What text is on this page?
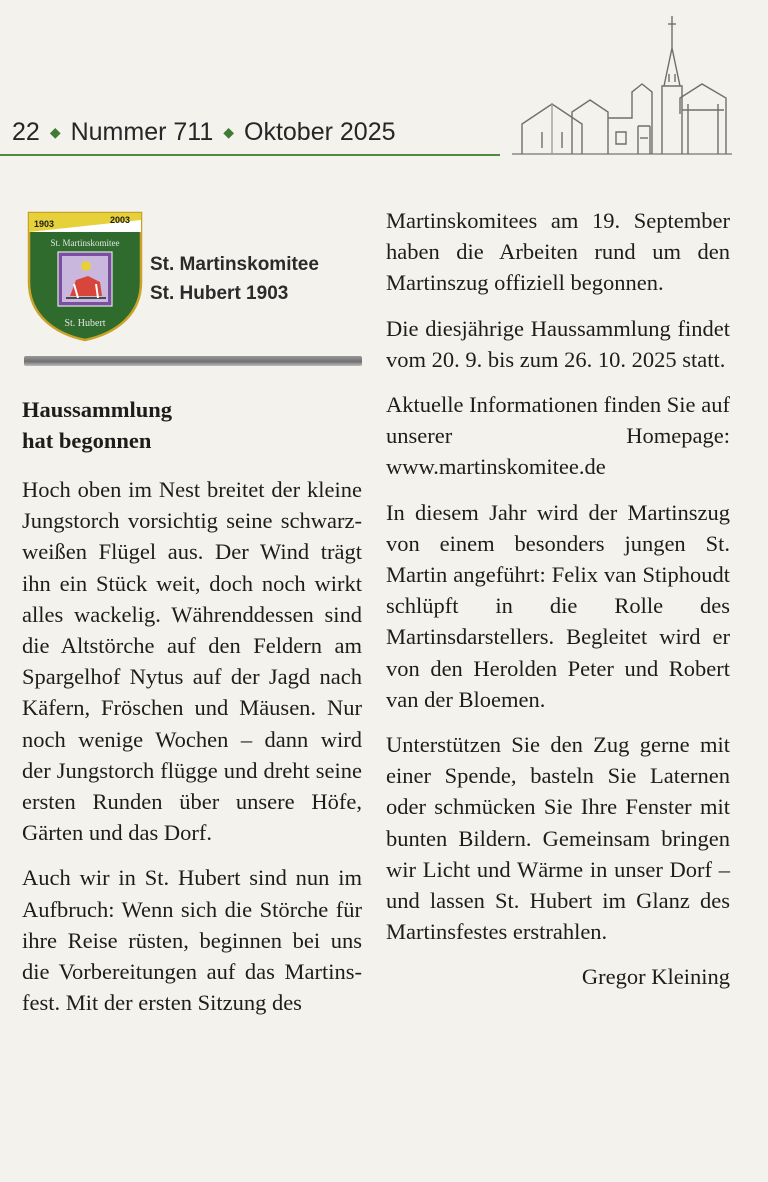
22 ◆ Nummer 711 ◆ Oktober 2025
1903	2003
St. Martinskomitee
St. Hubert
St. Martinskomitee
St. Hubert 1903
Haussammlung
hat begonnen

Hoch oben im Nest breitet der kleine Jungstorch vorsichtig seine schwarz-weißen Flügel aus. Der Wind trägt ihn ein Stück weit, doch noch wirkt alles wackelig. Währenddessen sind die Altstörche auf den Feldern am Spargelhof Nytus auf der Jagd nach Käfern, Fröschen und Mäusen. Nur noch wenige Wochen – dann wird der Jungstorch flügge und dreht seine ersten Runden über unsere Höfe, Gärten und das Dorf.

Auch wir in St. Hubert sind nun im Aufbruch: Wenn sich die Störche für ihre Reise rüsten, beginnen bei uns die Vorbereitungen auf das Martinsfest. Mit der ersten Sitzung des

Martinskomitees am 19. September haben die Arbeiten rund um den Martinszug offiziell begonnen.

Die diesjährige Haussammlung findet vom 20. 9. bis zum 26. 10. 2025 statt.

Aktuelle Informationen finden Sie auf unserer Homepage: www.martinskomitee.de

In diesem Jahr wird der Martinszug von einem besonders jungen St. Martin angeführt: Felix van Stiphoudt schlüpft in die Rolle des Martinsdarstellers. Begleitet wird er von den Herolden Peter und Robert van der Bloemen.

Unterstützen Sie den Zug gerne mit einer Spende, basteln Sie Laternen oder schmücken Sie Ihre Fenster mit bunten Bildern. Gemeinsam bringen wir Licht und Wärme in unser Dorf – und lassen St. Hubert im Glanz des Martinsfestes erstrahlen.

Gregor Kleining
